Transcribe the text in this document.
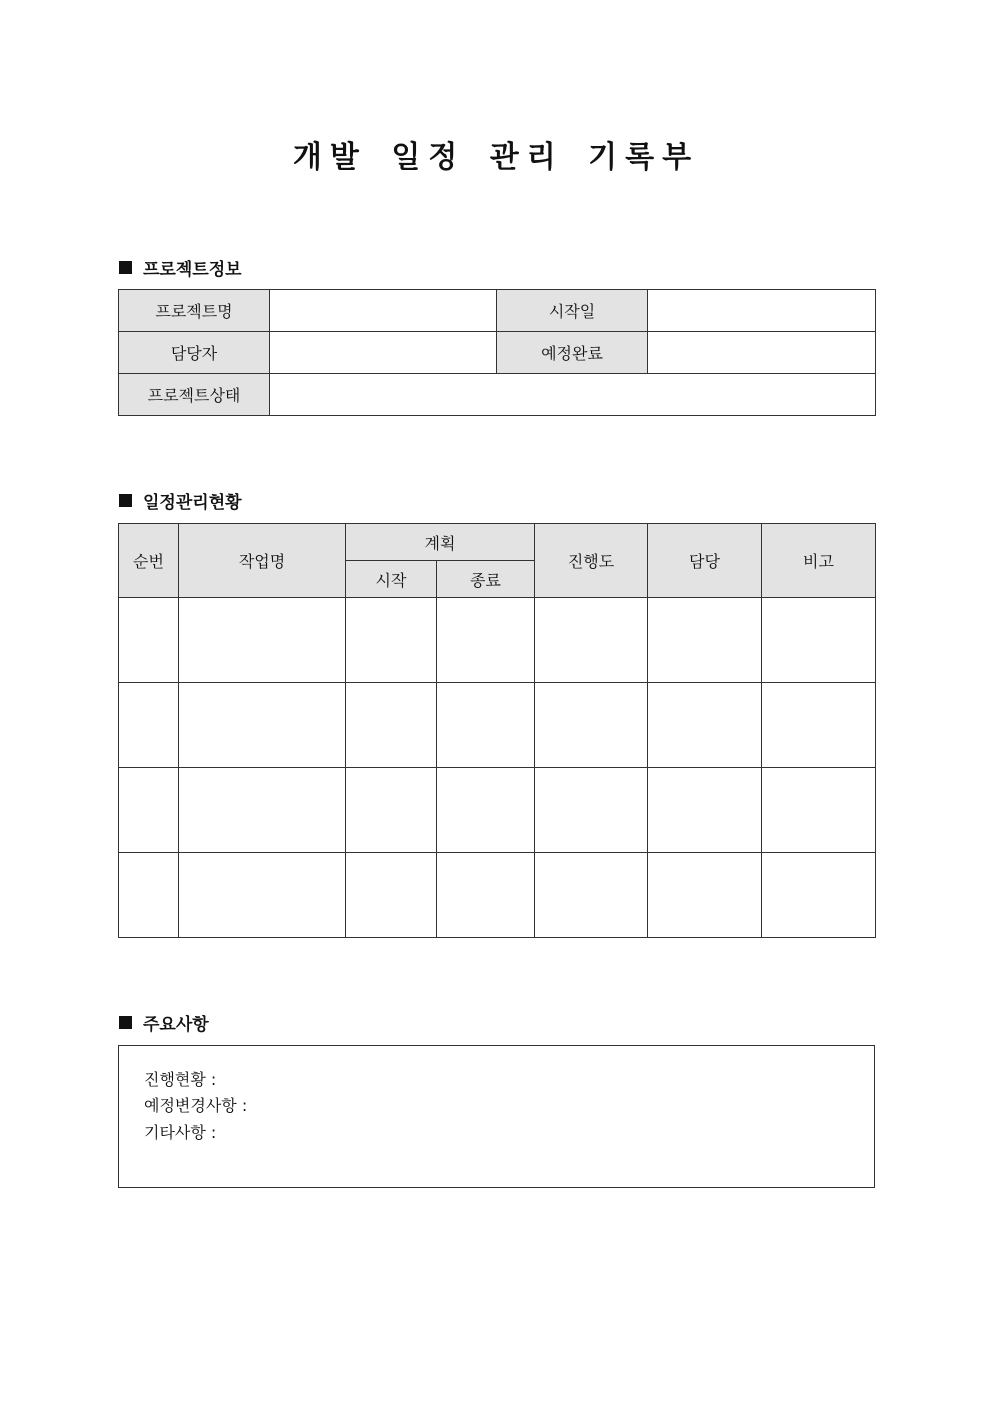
개발 일정 관리 기록부
프로젝트정보
프로젝트명		시작일	
담당자		예정완료	
프로젝트상태			
일정관리현황
순번	작업명	계획		진행도	담당	비고
		시작	종료			

주요사항
진행현황 :
예정변경사항 :
기타사항 :
